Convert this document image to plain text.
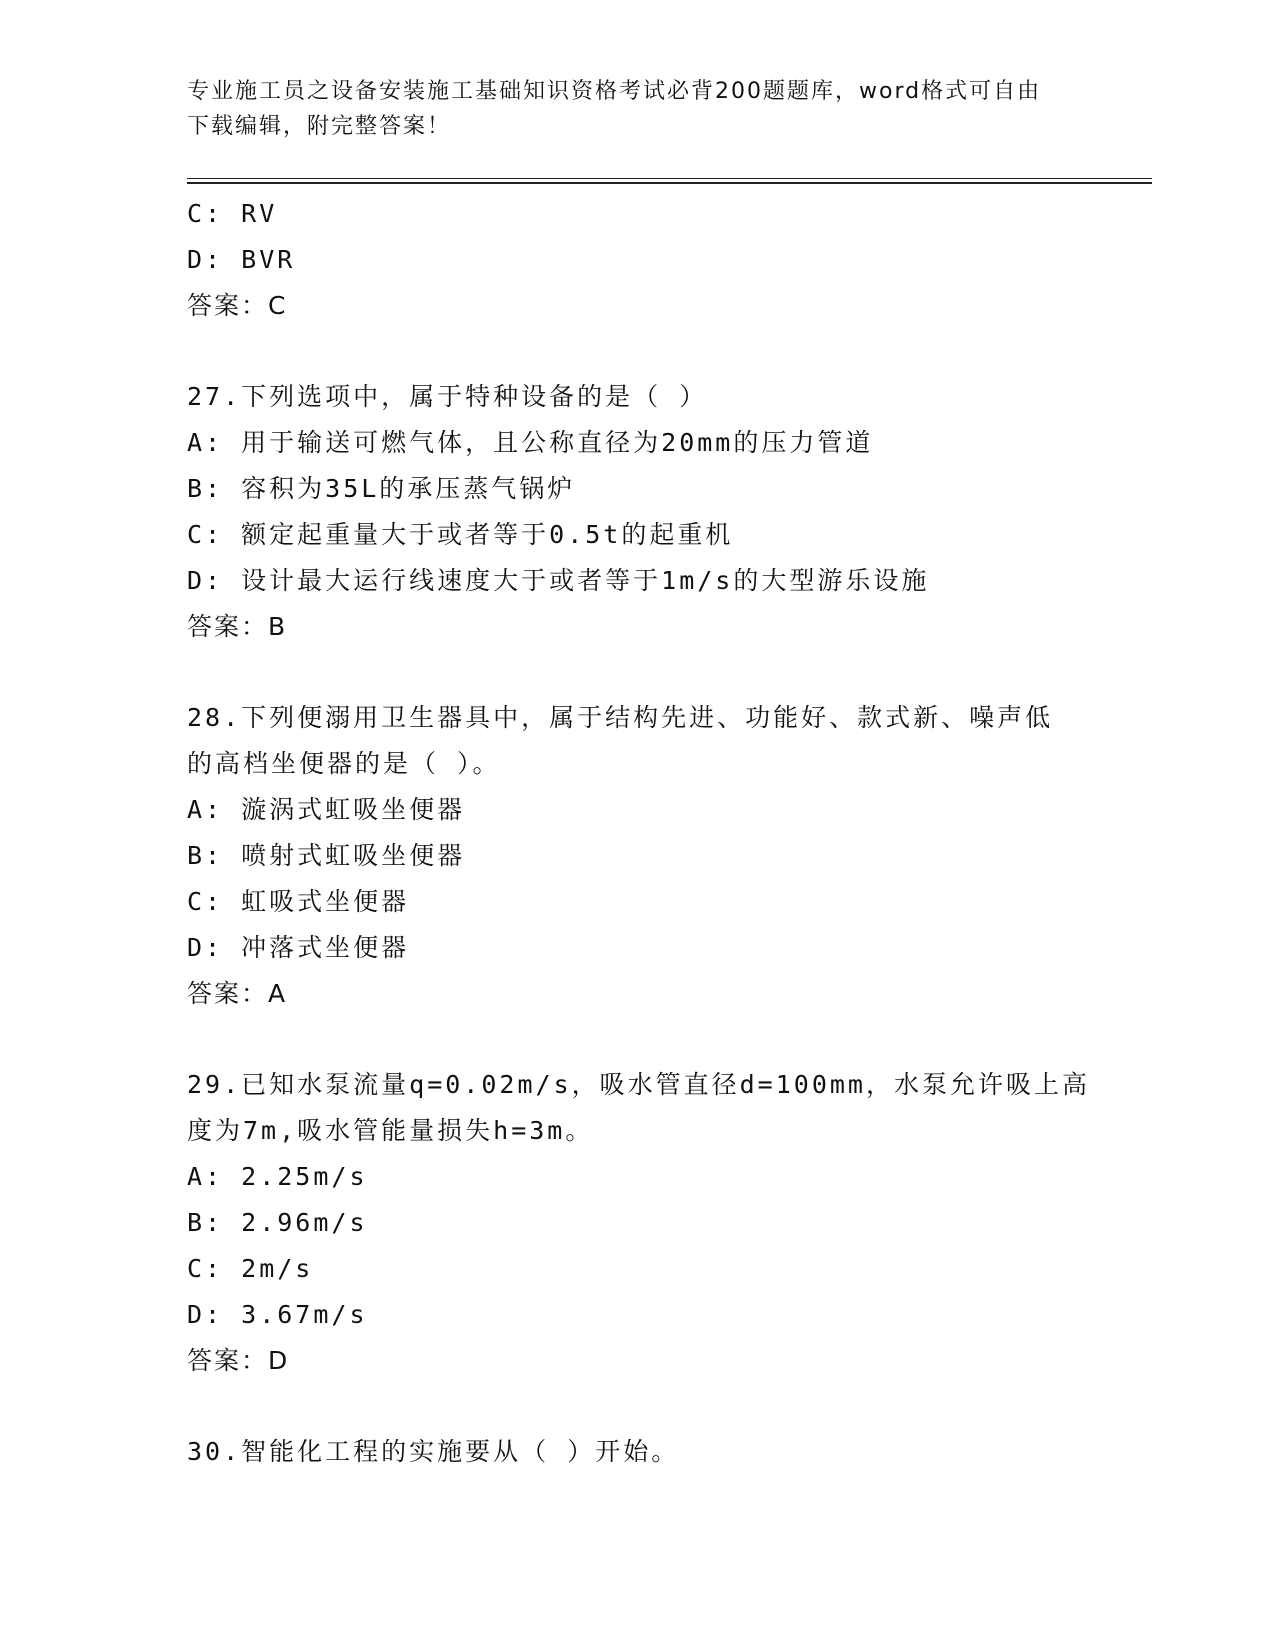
专业施工员之设备安装施工基础知识资格考试必背200题题库，word格式可自由
下载编辑，附完整答案！
C: RV
D: BVR
答案：C
27.下列选项中，属于特种设备的是（ ）
A: 用于输送可燃气体，且公称直径为20mm的压力管道
B: 容积为35L的承压蒸气锅炉
C: 额定起重量大于或者等于0.5t的起重机
D: 设计最大运行线速度大于或者等于1m/s的大型游乐设施
答案：B
28.下列便溺用卫生器具中，属于结构先进、功能好、款式新、噪声低
的高档坐便器的是（ ）。
A: 漩涡式虹吸坐便器
B: 喷射式虹吸坐便器
C: 虹吸式坐便器
D: 冲落式坐便器
答案：A
29.已知水泵流量q=0.02m/s，吸水管直径d=100mm，水泵允许吸上高
度为7m,吸水管能量损失h=3m。
A: 2.25m/s
B: 2.96m/s
C: 2m/s
D: 3.67m/s
答案：D
30.智能化工程的实施要从（ ）开始。
